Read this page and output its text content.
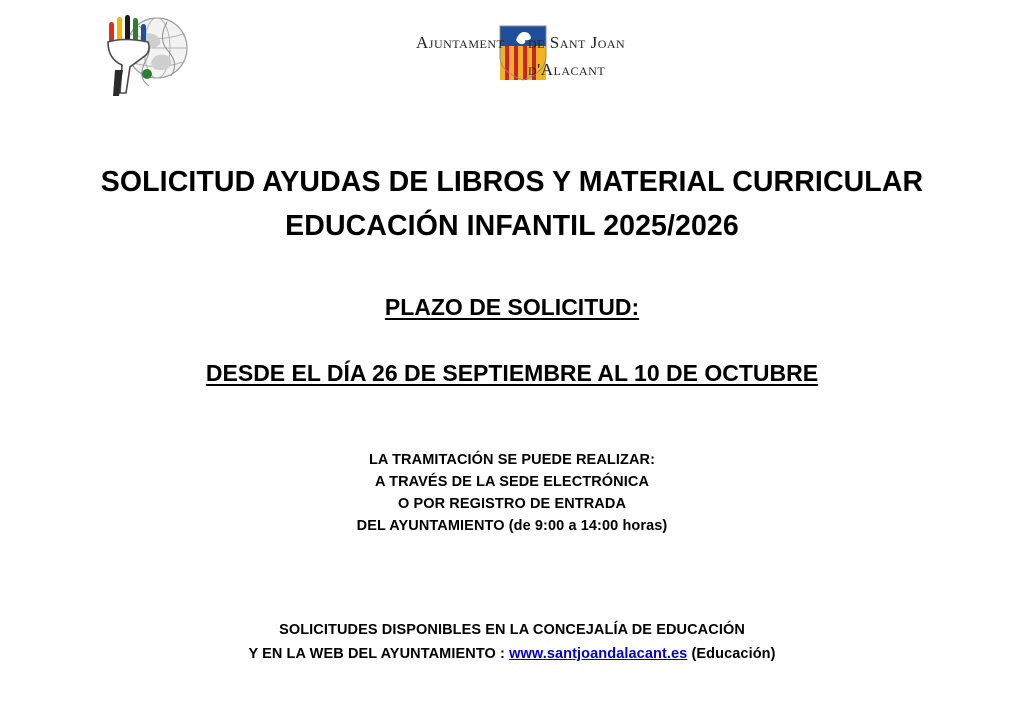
Ajuntament de Sant Joan
d'Alacant
SOLICITUD AYUDAS DE LIBROS Y MATERIAL CURRICULAR
EDUCACIÓN INFANTIL 2025/2026
PLAZO DE SOLICITUD:
DESDE EL DÍA 26 DE SEPTIEMBRE AL 10 DE OCTUBRE
LA TRAMITACIÓN SE PUEDE REALIZAR:
A TRAVÉS DE LA SEDE ELECTRÓNICA
O POR REGISTRO DE ENTRADA
DEL AYUNTAMIENTO (de 9:00 a 14:00 horas)
SOLICITUDES DISPONIBLES EN LA CONCEJALÍA DE EDUCACIÓN
Y EN LA WEB DEL AYUNTAMIENTO : www.santjoandalacant.es (Educación)
